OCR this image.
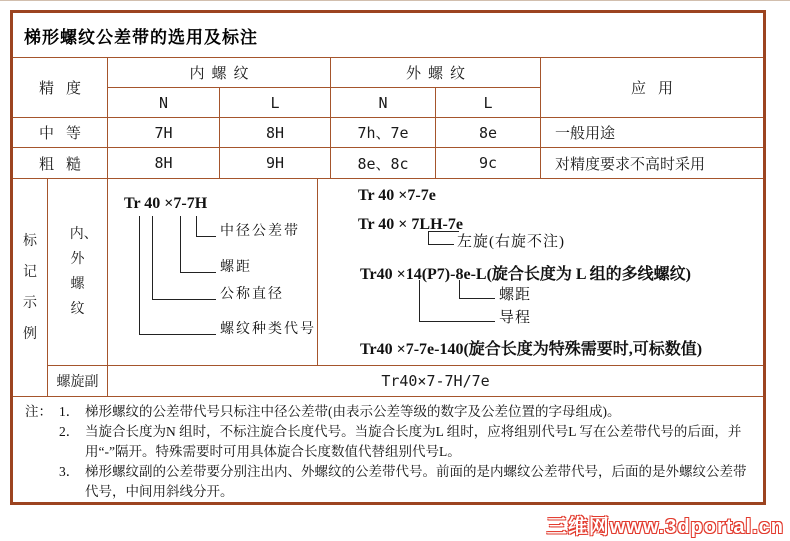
梯形螺纹公差带的选用及标注
精度
内螺纹	外螺纹
应用
N	L	N	L
中等	7H	8H	7h、7e	8e	一般用途
粗糙	8H	9H	8e、8c	9c	对精度要求不高时采用
标记示例
内、外螺纹
Tr 40 ×7-7H
中径公差带
螺距
公称直径
螺纹种类代号
Tr 40 ×7-7e
Tr 40 × 7LH-7e
左旋(右旋不注)
Tr40 ×14(P7)-8e-L(旋合长度为 L 组的多线螺纹)
螺距
导程
Tr40 ×7-7e-140(旋合长度为特殊需要时,可标数值)
螺旋副	Tr40×7-7H/7e
注： 1． 梯形螺纹的公差带代号只标注中径公差带(由表示公差等级的数字及公差位置的字母组成)。
2． 当旋合长度为N 组时，不标注旋合长度代号。当旋合长度为L 组时，应将组别代号L 写在公差带代号的后面，并用“-”隔开。特殊需要时可用具体旋合长度数值代替组别代号L。
3． 梯形螺纹副的公差带要分别注出内、外螺纹的公差带代号。前面的是内螺纹公差带代号，后面的是外螺纹公差带代号，中间用斜线分开。
三维网www.3dportal.cn
